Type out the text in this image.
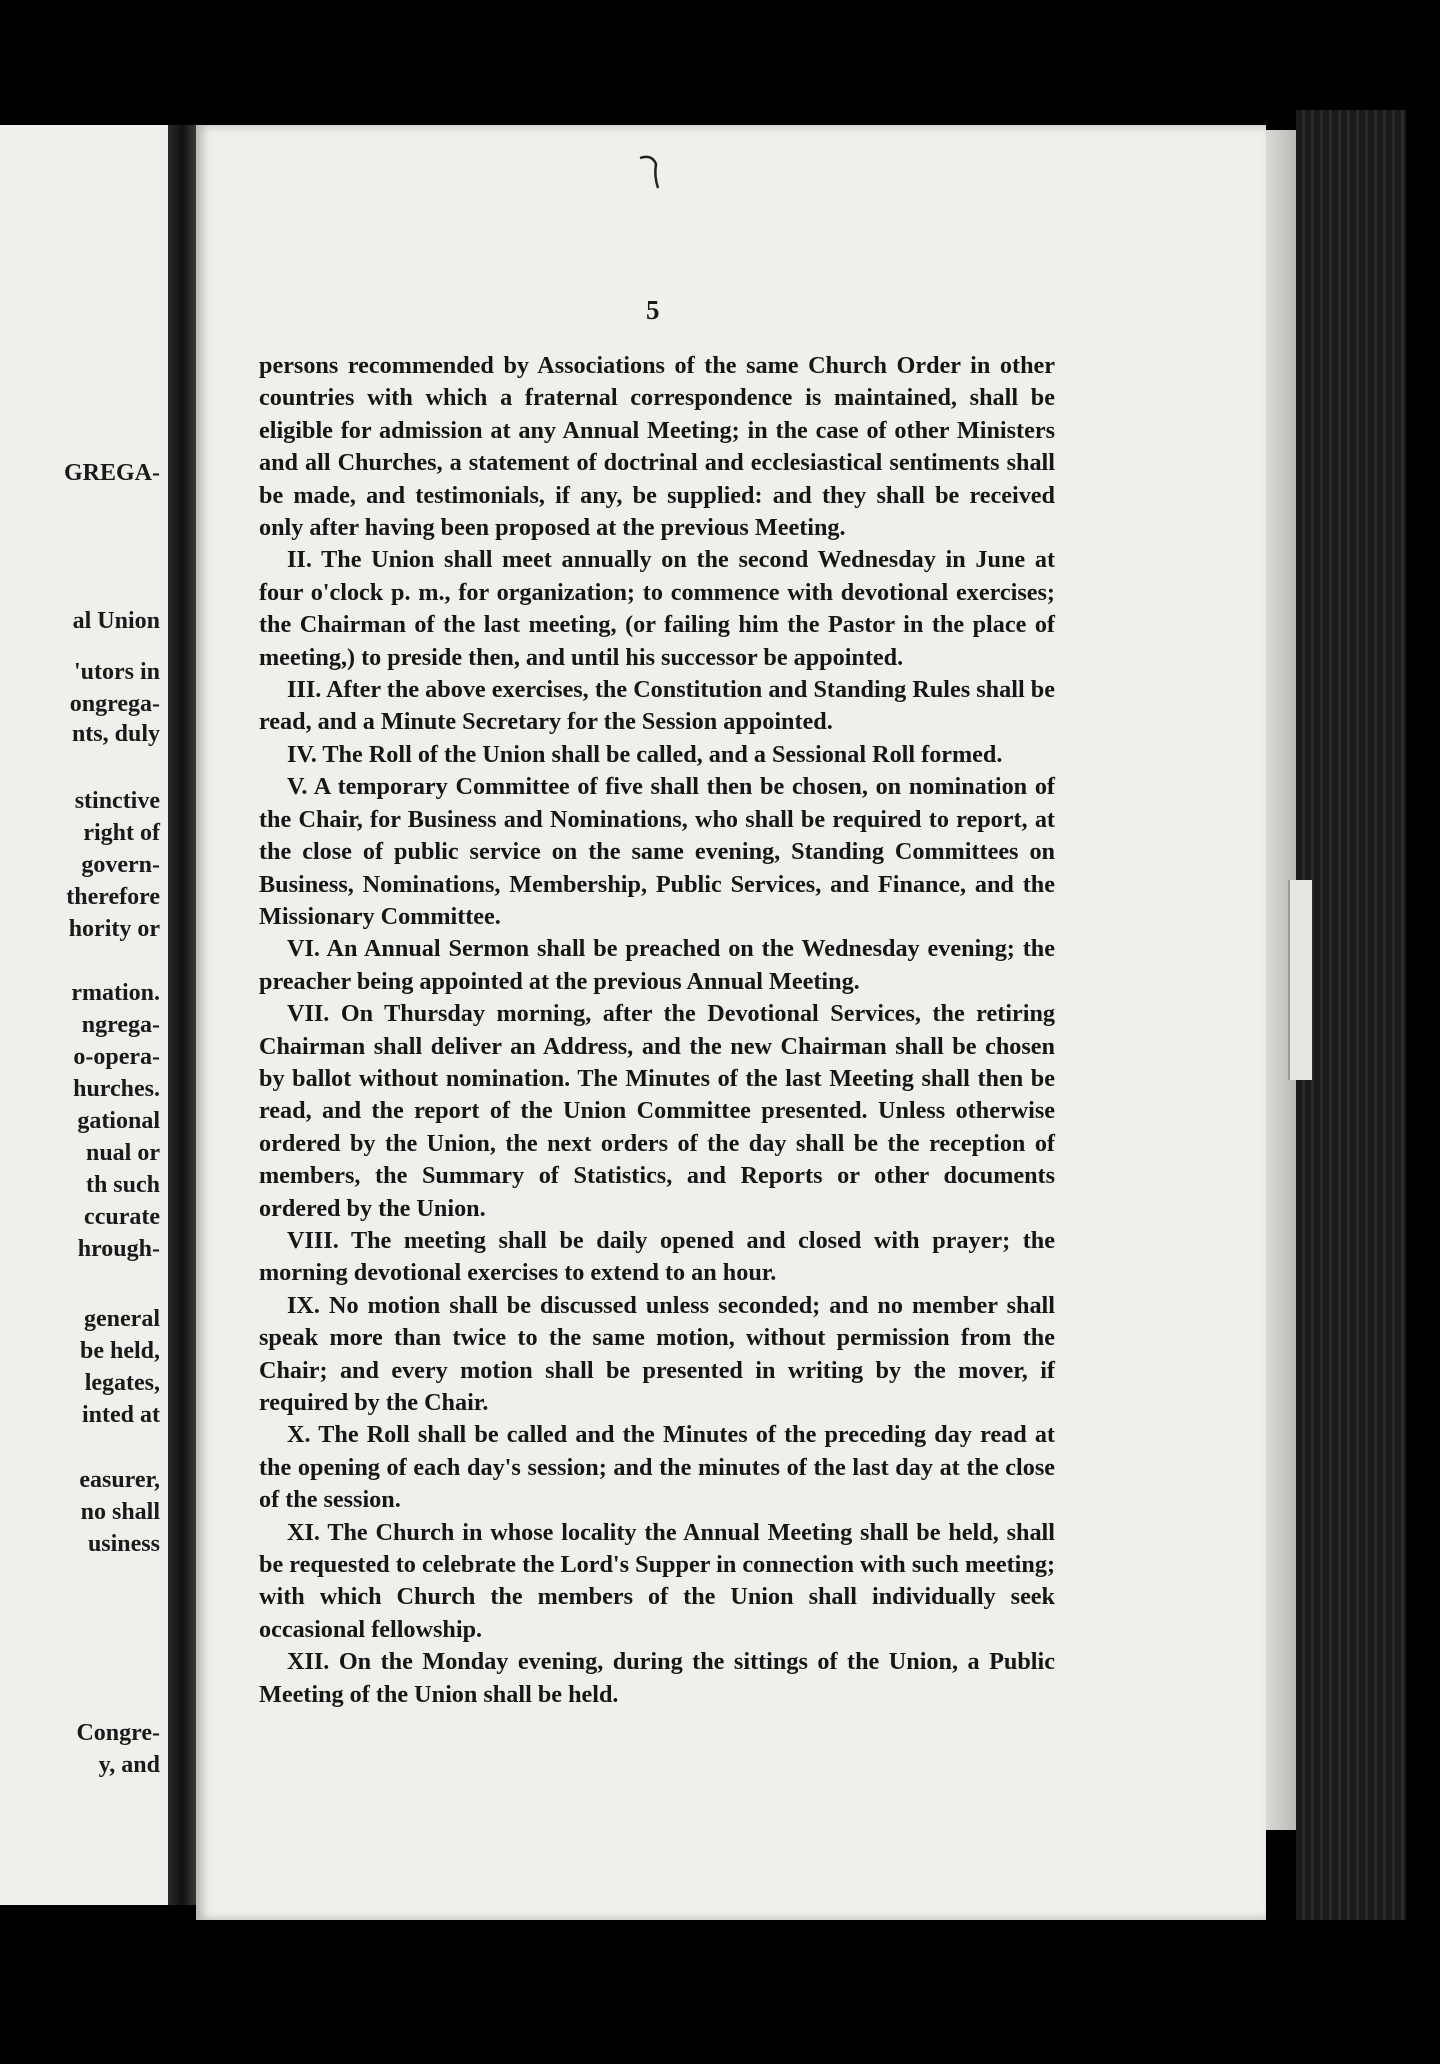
GREGA-
al Union
'utors in
ongrega-
nts, duly
stinctive
right of
govern-
therefore
hority or
rmation.
ngrega-
o-opera-
hurches.
gational
nual or
th such
ccurate
hrough-
general
be held,
legates,
inted at
easurer,
no shall
usiness
Congre-
y, and
5

persons recommended by Associations of the same Church Order in other countries with which a fraternal correspondence is maintained, shall be eligible for admission at any Annual Meeting; in the case of other Ministers and all Churches, a statement of doctrinal and ecclesiastical sentiments shall be made, and testimonials, if any, be supplied: and they shall be received only after having been proposed at the previous Meeting.

II. The Union shall meet annually on the second Wednesday in June at four o'clock p. m., for organization; to commence with devotional exercises; the Chairman of the last meeting, (or failing him the Pastor in the place of meeting,) to preside then, and until his successor be appointed.

III. After the above exercises, the Constitution and Standing Rules shall be read, and a Minute Secretary for the Session appointed.

IV. The Roll of the Union shall be called, and a Sessional Roll formed.

V. A temporary Committee of five shall then be chosen, on nomination of the Chair, for Business and Nominations, who shall be required to report, at the close of public service on the same evening, Standing Committees on Business, Nominations, Membership, Public Services, and Finance, and the Missionary Committee.

VI. An Annual Sermon shall be preached on the Wednesday evening; the preacher being appointed at the previous Annual Meeting.

VII. On Thursday morning, after the Devotional Services, the retiring Chairman shall deliver an Address, and the new Chairman shall be chosen by ballot without nomination. The Minutes of the last Meeting shall then be read, and the report of the Union Committee presented. Unless otherwise ordered by the Union, the next orders of the day shall be the reception of members, the Summary of Statistics, and Reports or other documents ordered by the Union.

VIII. The meeting shall be daily opened and closed with prayer; the morning devotional exercises to extend to an hour.

IX. No motion shall be discussed unless seconded; and no member shall speak more than twice to the same motion, without permission from the Chair; and every motion shall be presented in writing by the mover, if required by the Chair.

X. The Roll shall be called and the Minutes of the preceding day read at the opening of each day's session; and the minutes of the last day at the close of the session.

XI. The Church in whose locality the Annual Meeting shall be held, shall be requested to celebrate the Lord's Supper in connection with such meeting; with which Church the members of the Union shall individually seek occasional fellowship.

XII. On the Monday evening, during the sittings of the Union, a Public Meeting of the Union shall be held.
